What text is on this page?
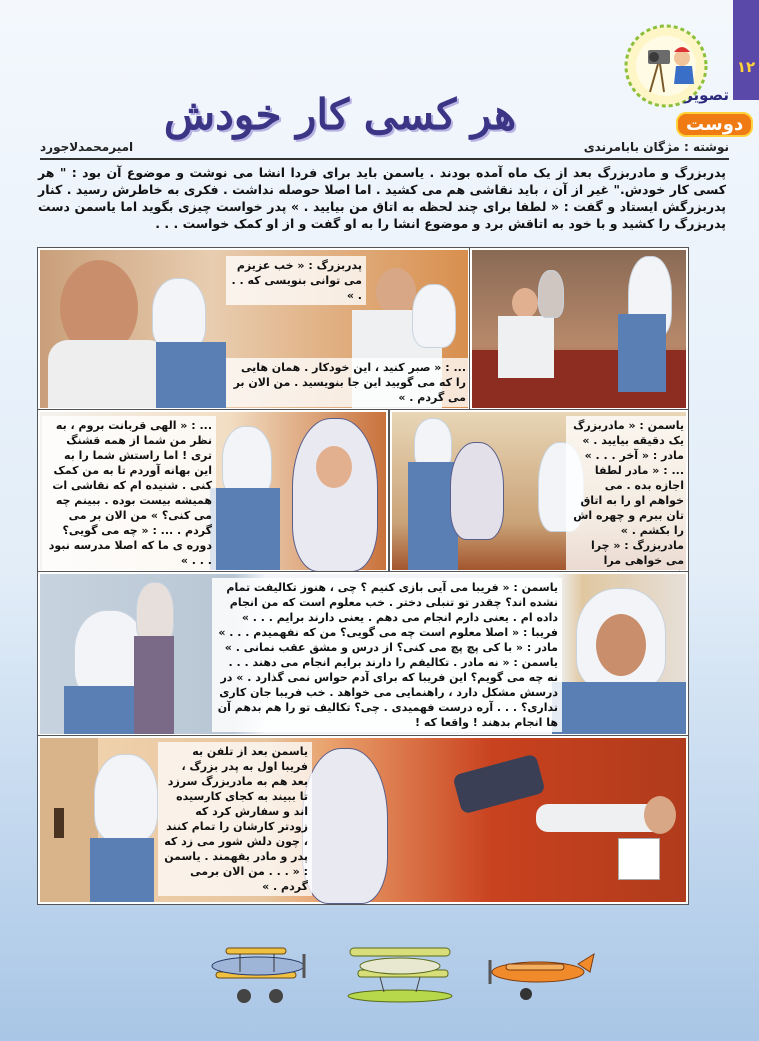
۱۲
تصویر
دوست
هر کسی کار خودش
نوشته : مژگان بابامرندی
امیرمحمدلاجورد

پدربزرگ و مادربزرگ بعد از یک ماه آمده بودند . یاسمن باید برای فردا انشا می نوشت و موضوع آن بود : " هر کسی کار خودش." غیر از آن ، باید نقاشی هم می کشید . اما اصلا حوصله نداشت . فکری به خاطرش رسید . کنار پدربزرگش ایستاد و گفت : « لطفا برای چند لحظه به اتاق من بیایید . » پدر خواست چیزی بگوید اما یاسمن دست پدربزرگ را کشید و با خود به اتاقش برد و موضوع انشا را به او گفت و از او کمک خواست . . .

پدربزرگ : « خب عزیزم می توانی بنویسی که . . . »

... : « صبر کنید ، این خودکار . همان هایی را که می گویید این جا بنویسید . من الان بر می گردم . »

... : « الهی قربانت بروم ، به نظر من شما از همه قشنگ تری ! اما راستش شما را به این بهانه آوردم تا به من کمک کنی . شنیده ام که نقاشی ات همیشه بیست بوده . ببینم چه می کنی؟ » من الان بر می گردم . ... : « چه می گویی؟ دوره ی ما که اصلا مدرسه نبود . . . »

یاسمن : « مادربزرگ یک دقیقه بیایید . » مادر : « آخر . . . » ... : « مادر لطفا اجازه بده . می خواهم او را به اتاق تان ببرم و چهره اش را بکشم . » مادربزرگ : « چرا می خواهی مرا

یاسمن : « فریبا می آیی بازی کنیم ؟ چی ، هنوز تکالیفت تمام نشده اند؟ چقدر تو تنبلی دختر . خب معلوم است که من انجام داده ام . یعنی دارم انجام می دهم . یعنی دارند برایم . . . » فریبا : « اصلا معلوم است چه می گویی؟ من که نفهمیدم . . . » مادر : « با کی پچ پچ می کنی؟ از درس و مشق عقب نمانی . » یاسمن : « نه مادر . تکالیفم را دارند برایم انجام می دهند . . . نه چه می گویم؟ این فریبا که برای آدم حواس نمی گذارد . » در درسش مشکل دارد ، راهنمایی می خواهد . خب فریبا جان کاری نداری؟ . . . آره درست فهمیدی . چی؟ تکالیف تو را هم بدهم آن ها انجام بدهند ! واقعا که !

یاسمن بعد از تلفن به فریبا اول به پدر بزرگ ، بعد هم به مادربزرگ سرزد تا ببیند به کجای کارسیده اند و سفارش کرد که زودتر کارشان را تمام کنند ، چون دلش شور می زد که پدر و مادر بفهمند . یاسمن : « . . . من الان برمی گردم . »
